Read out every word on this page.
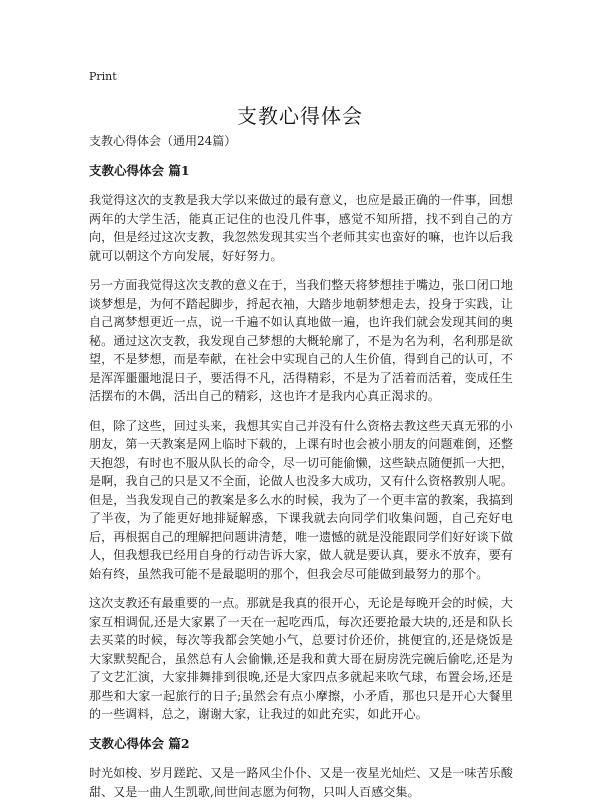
Print
支教心得体会
支教心得体会（通用24篇）
支教心得体会 篇1

我觉得这次的支教是我大学以来做过的最有意义，也应是最正确的一件事，回想两年的大学生活，能真正记住的也没几件事，感觉不知所措，找不到自己的方向，但是经过这次支教，我忽然发现其实当个老师其实也蛮好的嘛，也许以后我就可以朝这个方向发展，好好努力。

另一方面我觉得这次支教的意义在于，当我们整天将梦想挂于嘴边，张口闭口地谈梦想是，为何不踏起脚步，捋起衣袖，大踏步地朝梦想走去，投身于实践，让自己离梦想更近一点，说一千遍不如认真地做一遍，也许我们就会发现其间的奥秘。通过这次支教，我发现自己梦想的大概轮廓了，不是为名为利，名利那是欲望，不是梦想，而是奉献，在社会中实现自己的人生价值，得到自己的认可，不是浑浑噩噩地混日子，要活得不凡，活得精彩，不是为了活着而活着，变成任生活摆布的木偶，活出自己的精彩，这也许才是我内心真正渴求的。

但，除了这些，回过头来，我想其实自己并没有什么资格去教这些天真无邪的小朋友，第一天教案是网上临时下载的，上课有时也会被小朋友的问题难倒，还整天抱怨，有时也不服从队长的命令，尽一切可能偷懒，这些缺点随便抓一大把，是啊，我自己的只是又不全面，论做人也没多大成功，又有什么资格教别人呢。但是，当我发现自己的教案是多么水的时候，我为了一个更丰富的教案，我搞到了半夜，为了能更好地排疑解惑，下课我就去向同学们收集问题，自己充好电后，再根据自己的理解把问题讲清楚，唯一遗憾的就是没能跟同学们好好谈下做人，但我想我已经用自身的行动告诉大家，做人就是要认真，要永不放弃，要有始有终，虽然我可能不是最聪明的那个，但我会尽可能做到最努力的那个。

这次支教还有最重要的一点。那就是我真的很开心，无论是每晚开会的时候，大家互相调侃,还是大家累了一天在一起吃西瓜，每次还要抢最大块的,还是和队长去买菜的时候，每次等我都会笑她小气，总要讨价还价，挑便宜的,还是烧饭是大家默契配合，虽然总有人会偷懒,还是我和黄大哥在厨房洗完碗后偷吃,还是为了文艺汇演，大家排舞排到很晚,还是大家四点多就起来吹气球，布置会场,还是那些和大家一起旅行的日子;虽然会有点小摩擦，小矛盾，那也只是开心大餐里的一些调料，总之，谢谢大家，让我过的如此充实，如此开心。

支教心得体会 篇2

时光如梭、岁月蹉跎、又是一路风尘仆仆、又是一夜星光灿烂、又是一味苦乐酸甜、又是一曲人生凯歌,间世间志愿为何物，只叫人百感交集。
